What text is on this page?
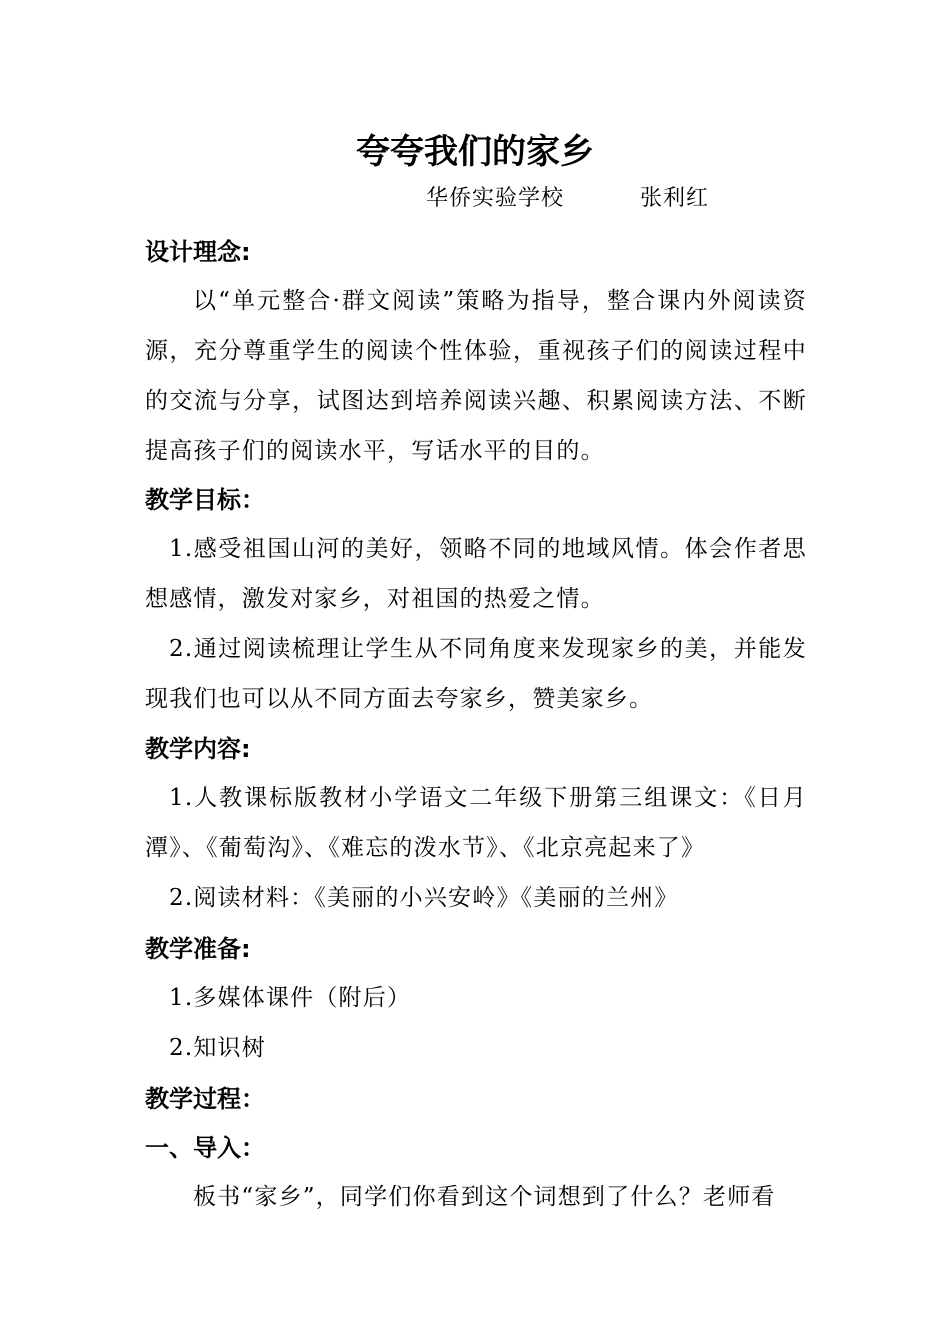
夸夸我们的家乡
华侨实验学校	张利红
设计理念:
以“单元整合·群文阅读”策略为指导，整合课内外阅读资源，充分尊重学生的阅读个性体验，重视孩子们的阅读过程中的交流与分享，试图达到培养阅读兴趣、积累阅读方法、不断提高孩子们的阅读水平，写话水平的目的。
教学目标：
1.感受祖国山河的美好，领略不同的地域风情。体会作者思想感情，激发对家乡，对祖国的热爱之情。
2.通过阅读梳理让学生从不同角度来发现家乡的美，并能发现我们也可以从不同方面去夸家乡，赞美家乡。
教学内容:
1.人教课标版教材小学语文二年级下册第三组课文：《日月潭》、《葡萄沟》、《难忘的泼水节》、《北京亮起来了》
2.阅读材料：《美丽的小兴安岭》《美丽的兰州》
教学准备:
1.多媒体课件（附后）
2.知识树
教学过程：
一、导入：
板书“家乡”，同学们你看到这个词想到了什么？老师看
